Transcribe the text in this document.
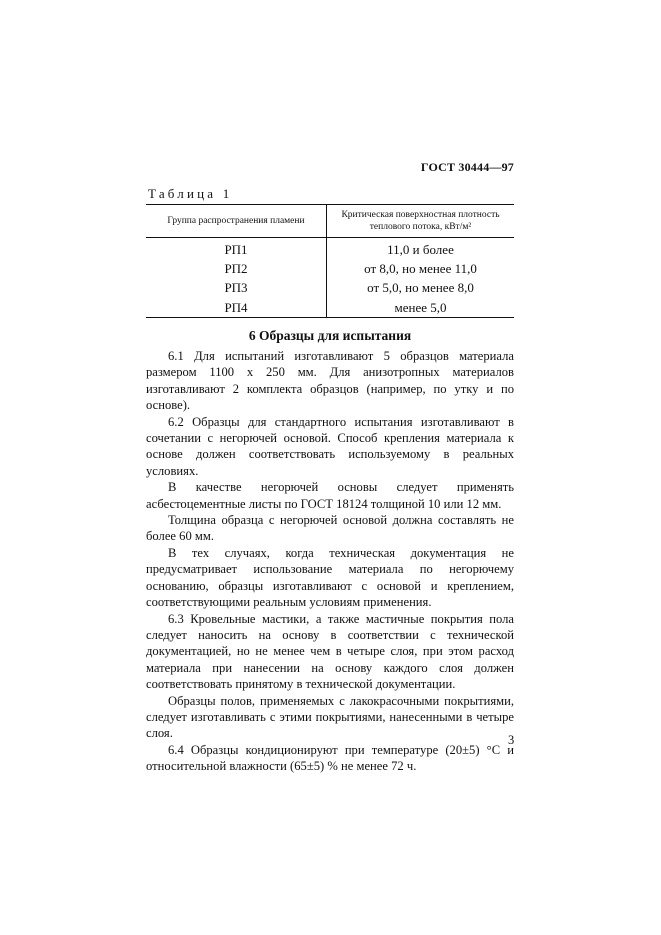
ГОСТ 30444—97
Таблица 1
Группа распространения пламени	Критическая поверхностная плотность теплового потока, кВт/м²
РП1	11,0 и более
РП2	от 8,0, но менее 11,0
РП3	от 5,0, но менее 8,0
РП4	менее 5,0
6 Образцы для испытания

6.1 Для испытаний изготавливают 5 образцов материала размером 1100 х 250 мм. Для анизотропных материалов изготавливают 2 комплекта образцов (например, по утку и по основе).

6.2 Образцы для стандартного испытания изготавливают в сочетании с негорючей основой. Способ крепления материала к основе должен соответствовать используемому в реальных условиях.

В качестве негорючей основы следует применять асбестоцементные листы по ГОСТ 18124 толщиной 10 или 12 мм.

Толщина образца с негорючей основой должна составлять не более 60 мм.

В тех случаях, когда техническая документация не предусматривает использование материала по негорючему основанию, образцы изготавливают с основой и креплением, соответствующими реальным условиям применения.

6.3 Кровельные мастики, а также мастичные покрытия пола следует наносить на основу в соответствии с технической документацией, но не менее чем в четыре слоя, при этом расход материала при нанесении на основу каждого слоя должен соответствовать принятому в технической документации.

Образцы полов, применяемых с лакокрасочными покрытиями, следует изготавливать с этими покрытиями, нанесенными в четыре слоя.

6.4 Образцы кондиционируют при температуре (20±5) °С и относительной влажности (65±5) % не менее 72 ч.

3
